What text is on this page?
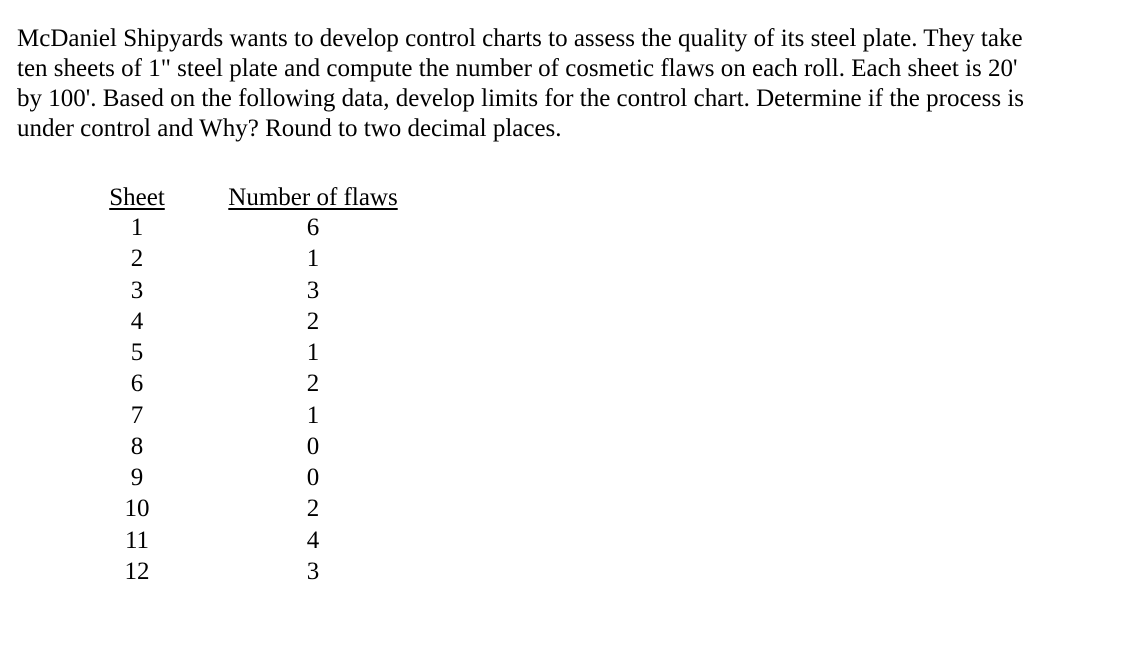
McDaniel Shipyards wants to develop control charts to assess the quality of its steel plate. They take
ten sheets of 1" steel plate and compute the number of cosmetic flaws on each roll. Each sheet is 20'
by 100'. Based on the following data, develop limits for the control chart. Determine if the process is
under control and Why? Round to two decimal places.
Sheet		Number of flaws
1		6
2		1
3		3
4		2
5		1
6		2
7		1
8		0
9		0
10		2
11		4
12		3
